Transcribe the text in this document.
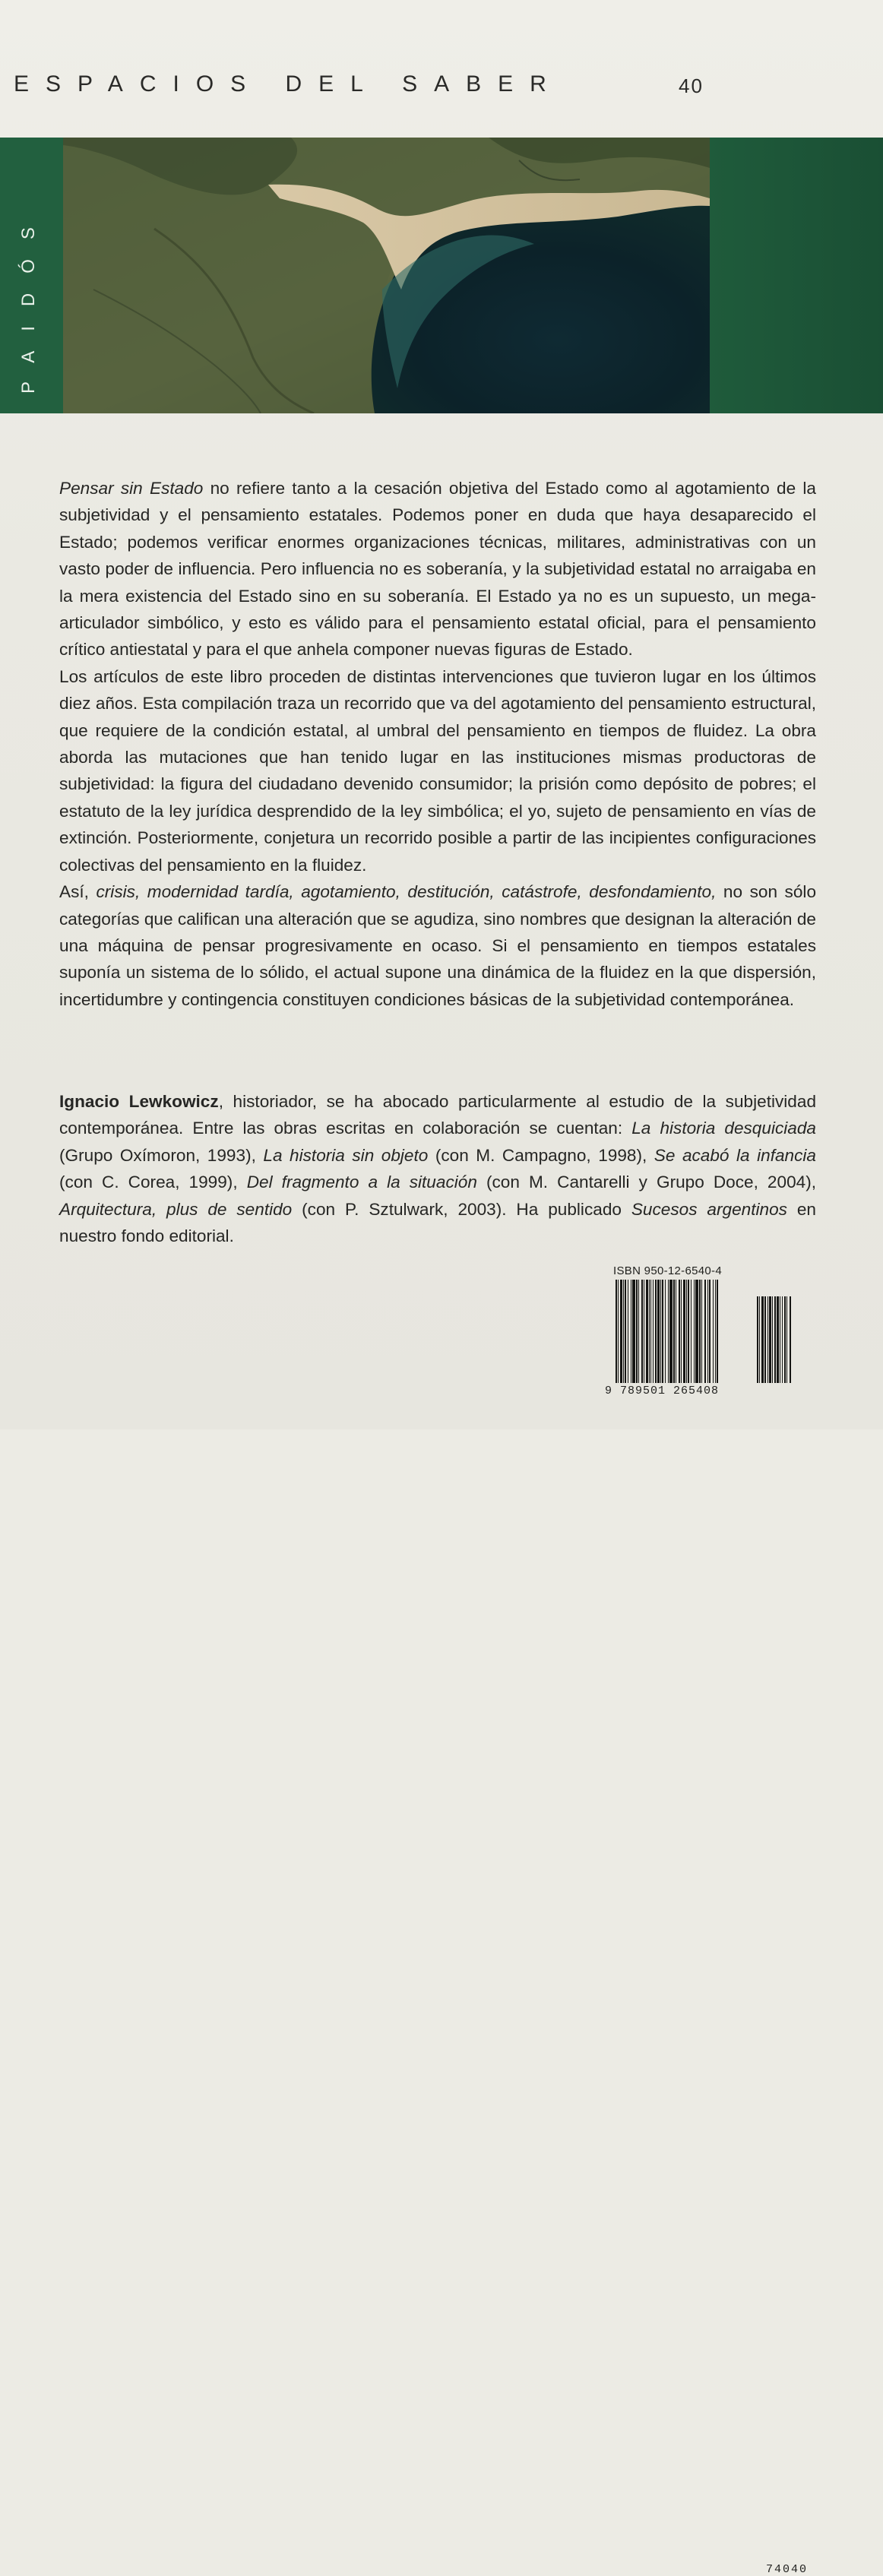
ESPACIOS DEL SABER	40
PAIDÓS

Pensar sin Estado no refiere tanto a la cesación objetiva del Estado como al agotamiento de la subjetividad y el pensamiento estatales. Podemos poner en duda que haya desaparecido el Estado; podemos verificar enormes organizaciones técnicas, militares, administrativas con un vasto poder de influencia. Pero influencia no es soberanía, y la subjetividad estatal no arraigaba en la mera existencia del Estado sino en su soberanía. El Estado ya no es un supuesto, un mega-articulador simbólico, y esto es válido para el pensamiento estatal oficial, para el pensamiento crítico antiestatal y para el que anhela componer nuevas figuras de Estado.

Los artículos de este libro proceden de distintas intervenciones que tuvieron lugar en los últimos diez años. Esta compilación traza un recorrido que va del agotamiento del pensamiento estructural, que requiere de la condición estatal, al umbral del pensamiento en tiempos de fluidez. La obra aborda las mutaciones que han tenido lugar en las instituciones mismas productoras de subjetividad: la figura del ciudadano devenido consumidor; la prisión como depósito de pobres; el estatuto de la ley jurídica desprendido de la ley simbólica; el yo, sujeto de pensamiento en vías de extinción. Posteriormente, conjetura un recorrido posible a partir de las incipientes configuraciones colectivas del pensamiento en la fluidez.

Así, crisis, modernidad tardía, agotamiento, destitución, catástrofe, desfondamiento, no son sólo categorías que califican una alteración que se agudiza, sino nombres que designan la alteración de una máquina de pensar progresivamente en ocaso. Si el pensamiento en tiempos estatales suponía un sistema de lo sólido, el actual supone una dinámica de la fluidez en la que dispersión, incertidumbre y contingencia constituyen condiciones básicas de la subjetividad contemporánea.

Ignacio Lewkowicz, historiador, se ha abocado particularmente al estudio de la subjetividad contemporánea. Entre las obras escritas en colaboración se cuentan: La historia desquiciada (Grupo Oxímoron, 1993), La historia sin objeto (con M. Campagno, 1998), Se acabó la infancia (con C. Corea, 1999), Del fragmento a la situación (con M. Cantarelli y Grupo Doce, 2004), Arquitectura, plus de sentido (con P. Sztulwark, 2003). Ha publicado Sucesos argentinos en nuestro fondo editorial.

ISBN 950-12-6540-4
9 789501 265408
74040
